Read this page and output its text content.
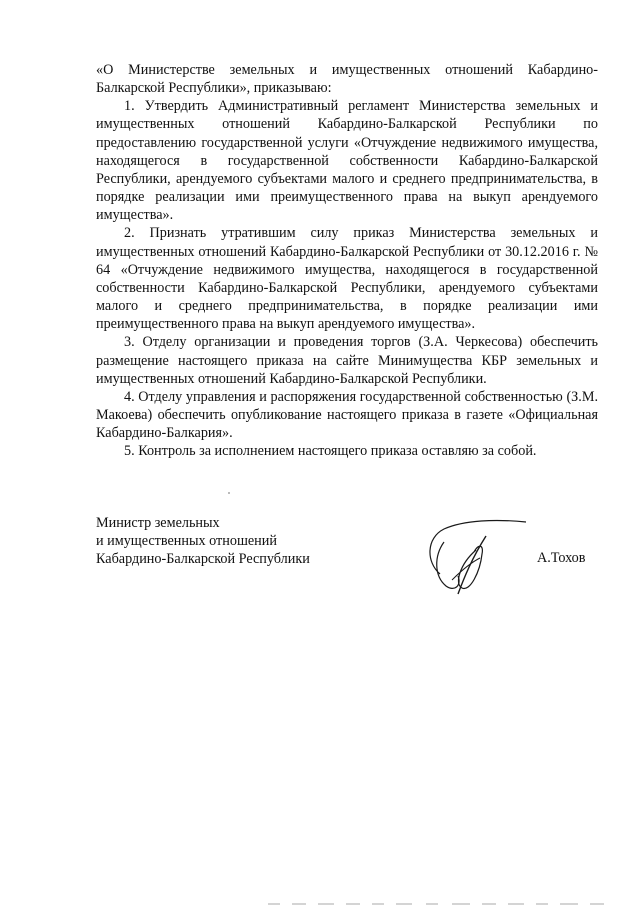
«О Министерстве земельных и имущественных отношений Кабардино-Балкарской Республики», приказываю:

1. Утвердить Административный регламент Министерства земельных и имущественных отношений Кабардино-Балкарской Республики по предоставлению государственной услуги «Отчуждение недвижимого имущества, находящегося в государственной собственности Кабардино-Балкарской Республики, арендуемого субъектами малого и среднего предпринимательства, в порядке реализации ими преимущественного права на выкуп арендуемого имущества».

2. Признать утратившим силу приказ Министерства земельных и имущественных отношений Кабардино-Балкарской Республики от 30.12.2016 г. № 64 «Отчуждение недвижимого имущества, находящегося в государственной собственности Кабардино-Балкарской Республики, арендуемого субъектами малого и среднего предпринимательства, в порядке реализации ими преимущественного права на выкуп арендуемого имущества».

3. Отделу организации и проведения торгов (З.А. Черкесова) обеспечить размещение настоящего приказа на сайте Минимущества КБР земельных и имущественных отношений Кабардино-Балкарской Республики.

4. Отделу управления и распоряжения государственной собственностью (З.М. Макоева) обеспечить опубликование настоящего приказа в газете «Официальная Кабардино-Балкария».

5. Контроль за исполнением настоящего приказа оставляю за собой.

Министр земельных
и имущественных отношений
Кабардино-Балкарской Республики	А.Тохов
